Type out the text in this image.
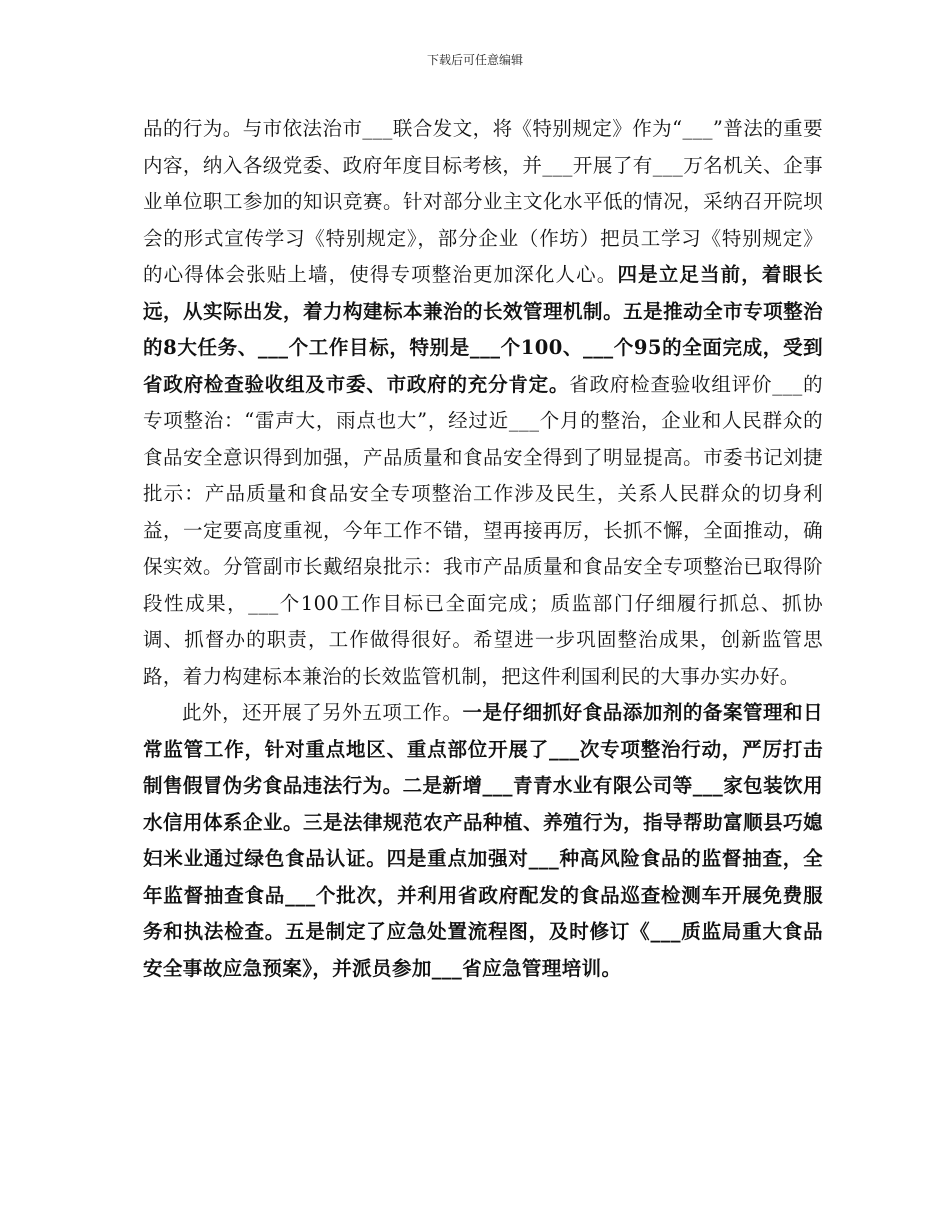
下载后可任意编辑

品的行为。与市依法治市___联合发文，将《特别规定》作为“___”普法的重要内容，纳入各级党委、政府年度目标考核，并___开展了有___万名机关、企事业单位职工参加的知识竞赛。针对部分业主文化水平低的情况，采纳召开院坝会的形式宣传学习《特别规定》，部分企业（作坊）把员工学习《特别规定》的心得体会张贴上墙，使得专项整治更加深化人心。四是立足当前，着眼长远，从实际出发，着力构建标本兼治的长效管理机制。五是推动全市专项整治的8大任务、___个工作目标，特别是___个100、___个95的全面完成，受到省政府检查验收组及市委、市政府的充分肯定。省政府检查验收组评价___的专项整治：“雷声大，雨点也大”，经过近___个月的整治，企业和人民群众的食品安全意识得到加强，产品质量和食品安全得到了明显提高。市委书记刘捷批示：产品质量和食品安全专项整治工作涉及民生，关系人民群众的切身利益，一定要高度重视，今年工作不错，望再接再厉，长抓不懈，全面推动，确保实效。分管副市长戴绍泉批示：我市产品质量和食品安全专项整治已取得阶段性成果，___个100工作目标已全面完成；质监部门仔细履行抓总、抓协调、抓督办的职责，工作做得很好。希望进一步巩固整治成果，创新监管思路，着力构建标本兼治的长效监管机制，把这件利国利民的大事办实办好。

此外，还开展了另外五项工作。一是仔细抓好食品添加剂的备案管理和日常监管工作，针对重点地区、重点部位开展了___次专项整治行动，严厉打击制售假冒伪劣食品违法行为。二是新增___青青水业有限公司等___家包装饮用水信用体系企业。三是法律规范农产品种植、养殖行为，指导帮助富顺县巧媳妇米业通过绿色食品认证。四是重点加强对___种高风险食品的监督抽查，全年监督抽查食品___个批次，并利用省政府配发的食品巡查检测车开展免费服务和执法检查。五是制定了应急处置流程图，及时修订《___质监局重大食品安全事故应急预案》，并派员参加___省应急管理培训。
